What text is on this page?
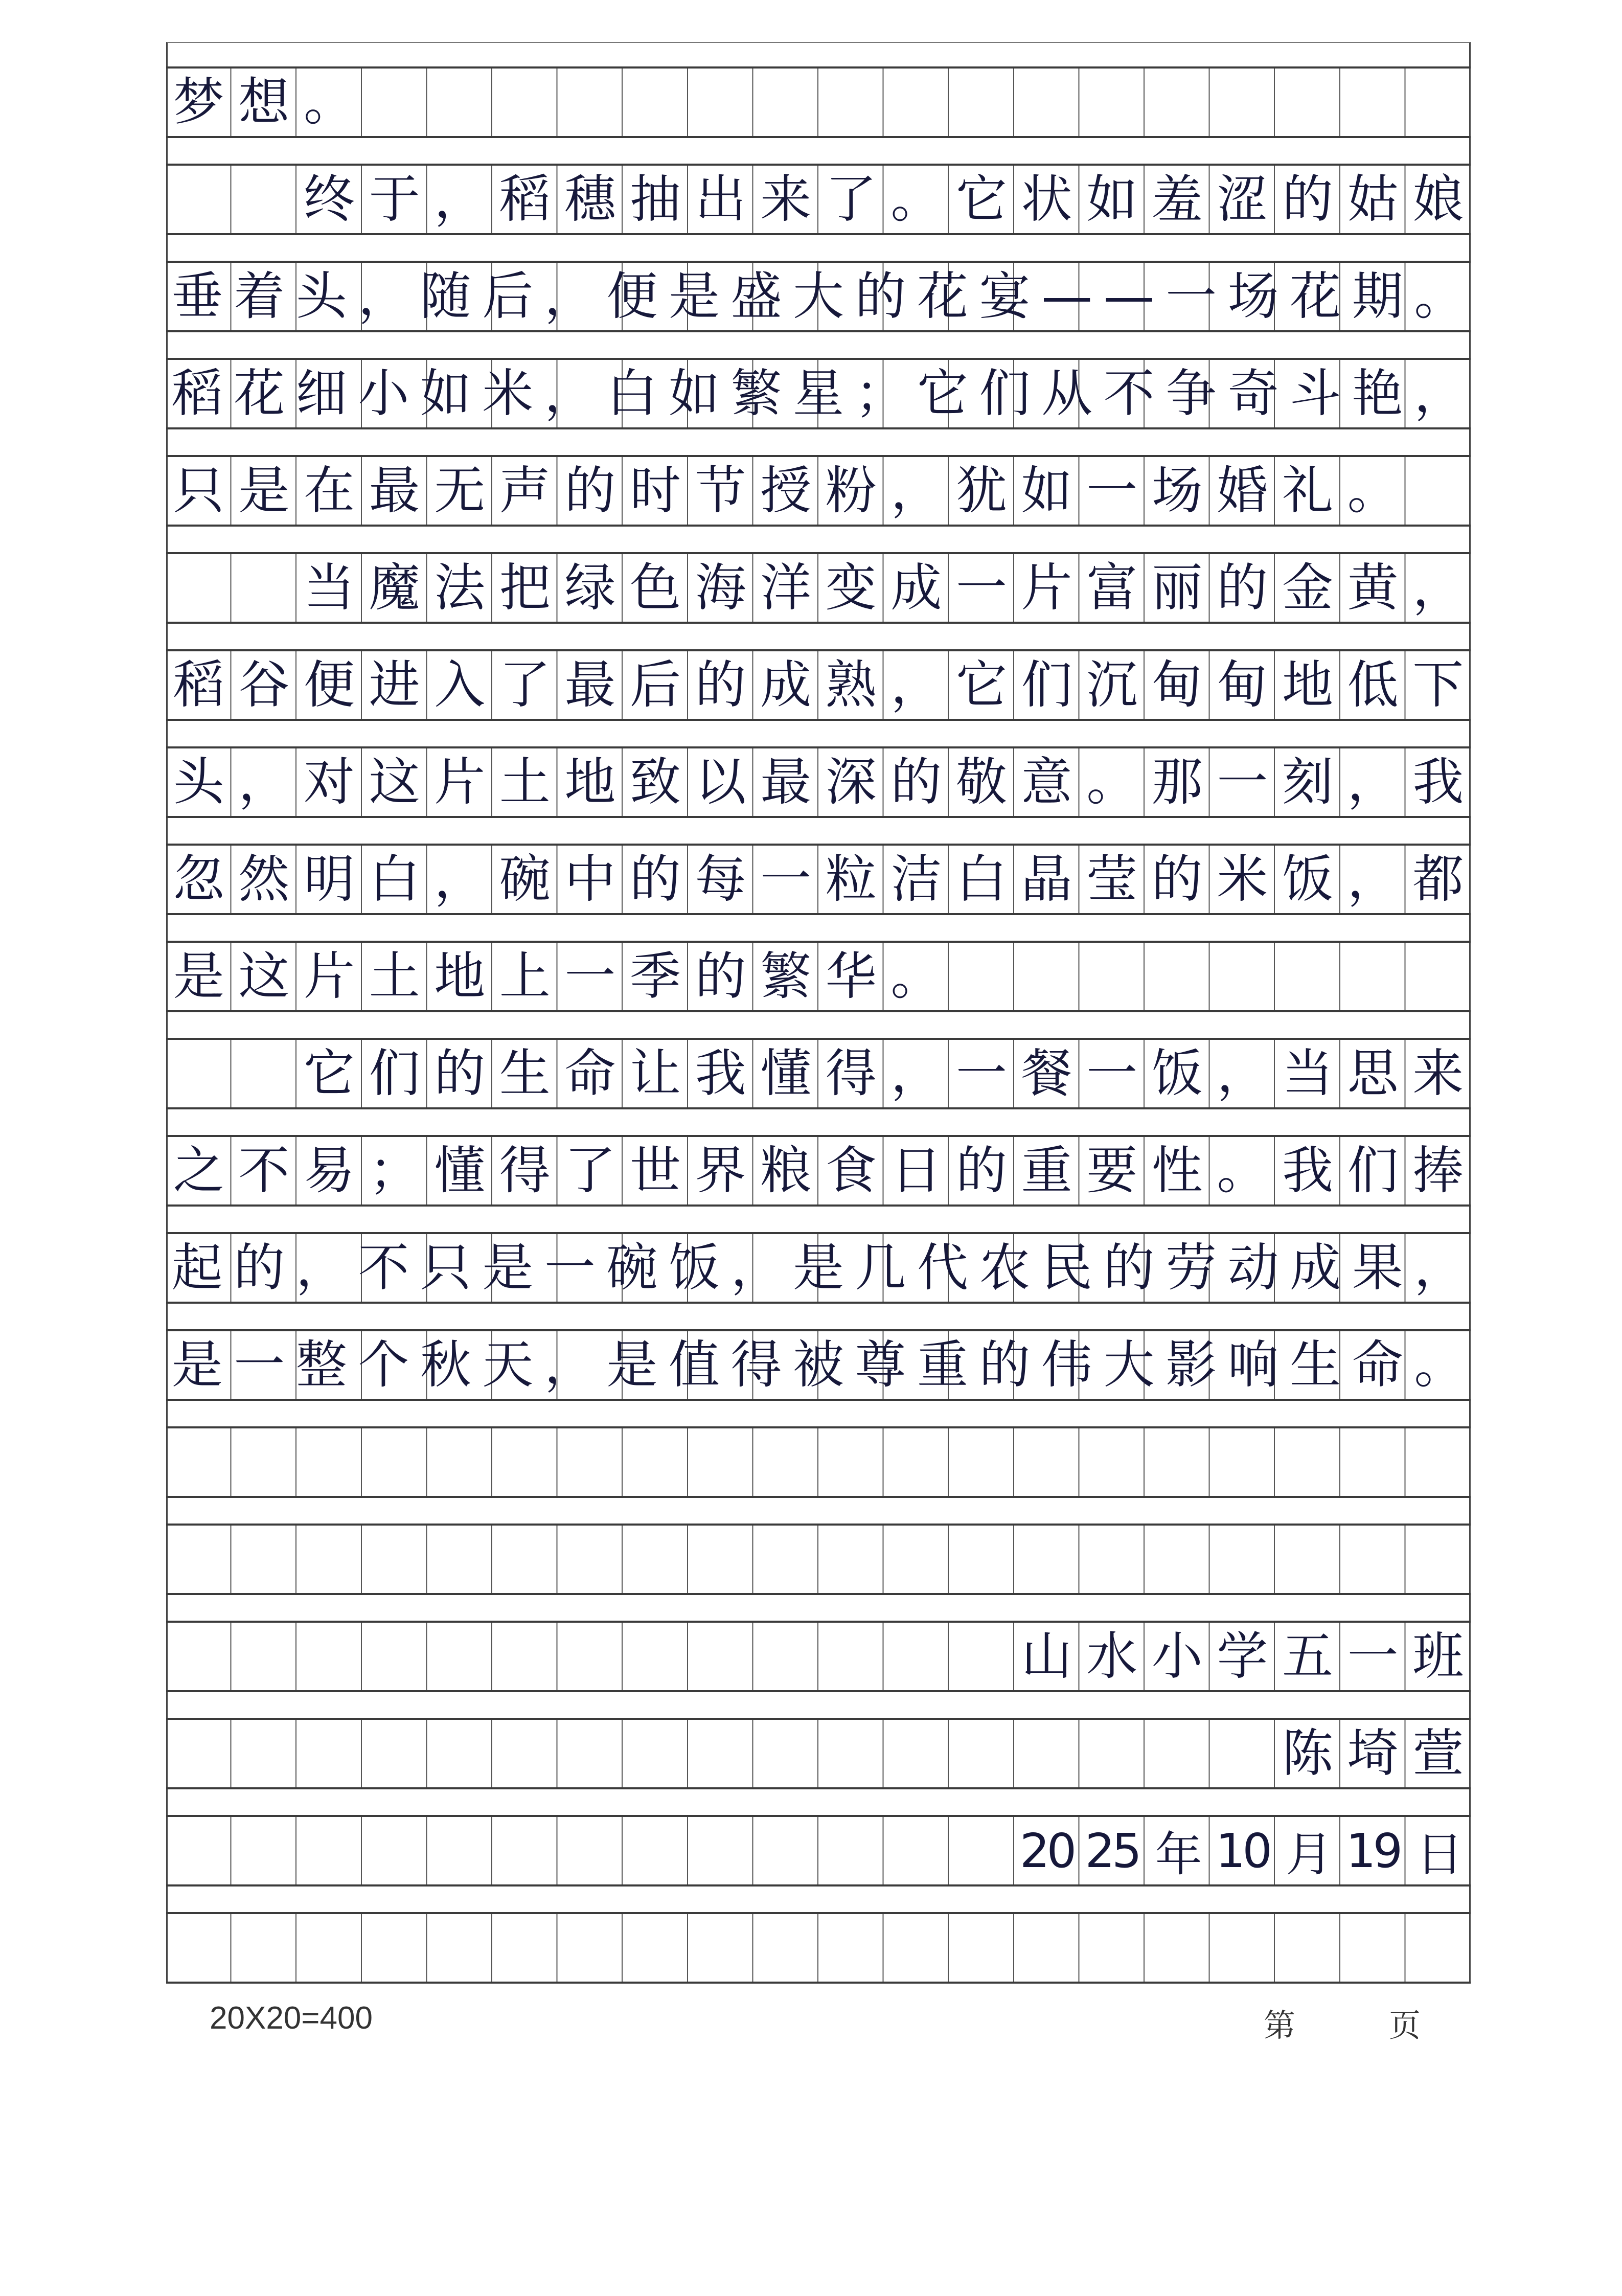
梦想。
　　终于，稻穗抽出来了。它状如羞涩的姑娘
垂着头，随后，便是盛大的花宴——一场花期。
稻花细小如米，白如繁星；它们从不争奇斗艳，
只是在最无声的时节授粉，犹如一场婚礼。
　　当魔法把绿色海洋变成一片富丽的金黄，
稻谷便进入了最后的成熟，它们沉甸甸地低下
头，对这片土地致以最深的敬意。那一刻，我
忽然明白，碗中的每一粒洁白晶莹的米饭，都
是这片土地上一季的繁华。
　　它们的生命让我懂得，一餐一饭，当思来
之不易；懂得了世界粮食日的重要性。我们捧
起的，不只是一碗饭，是几代农民的劳动成果，
是一整个秋天，是值得被尊重的伟大影响生命。
山水小学五一班
陈埼萱
20 25 年 10 月 19 日
20X20=400	第	页
